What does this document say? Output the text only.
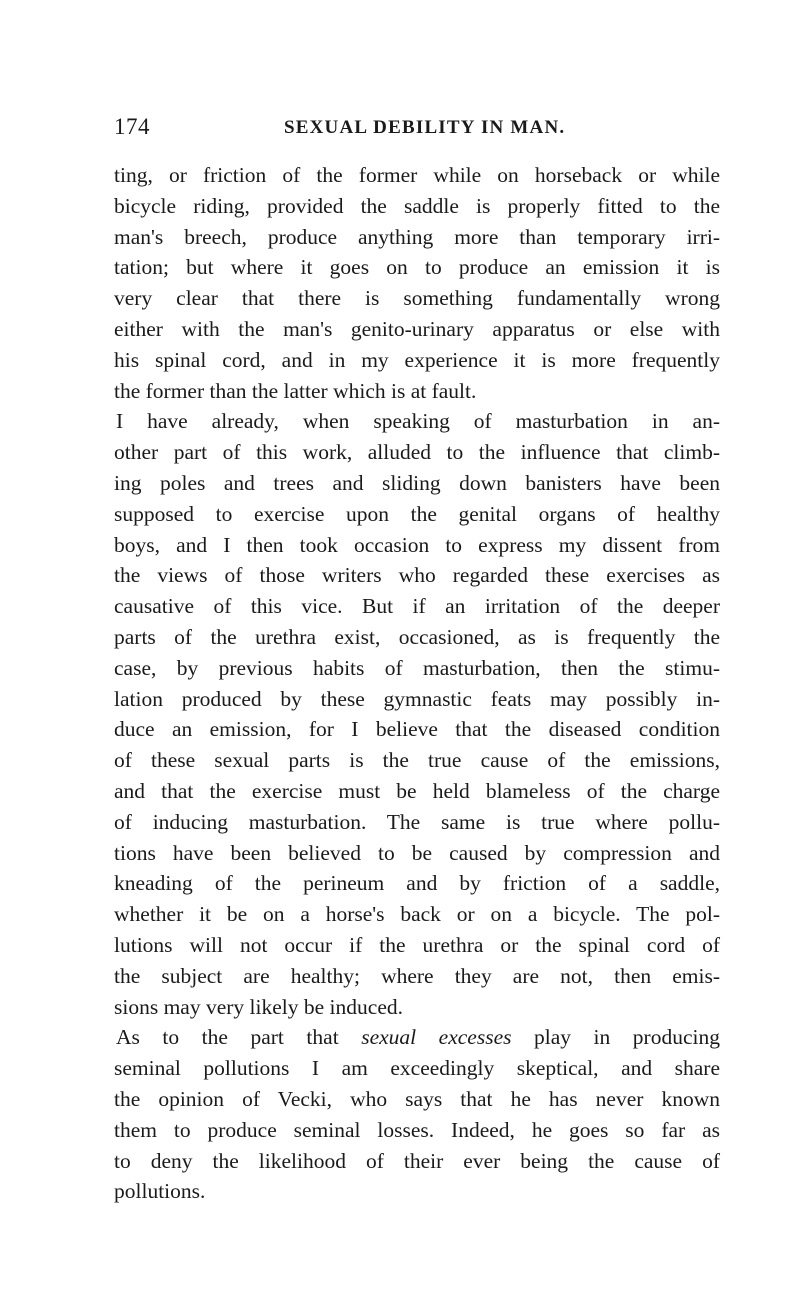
174	SEXUAL DEBILITY IN MAN.

ting, or friction of the former while on horseback or while
bicycle riding, provided the saddle is properly fitted to the
man's breech, produce anything more than temporary irri-
tation; but where it goes on to produce an emission it is
very clear that there is something fundamentally wrong
either with the man's genito-urinary apparatus or else with
his spinal cord, and in my experience it is more frequently
the former than the latter which is at fault.

I have already, when speaking of masturbation in an-
other part of this work, alluded to the influence that climb-
ing poles and trees and sliding down banisters have been
supposed to exercise upon the genital organs of healthy
boys, and I then took occasion to express my dissent from
the views of those writers who regarded these exercises as
causative of this vice. But if an irritation of the deeper
parts of the urethra exist, occasioned, as is frequently the
case, by previous habits of masturbation, then the stimu-
lation produced by these gymnastic feats may possibly in-
duce an emission, for I believe that the diseased condition
of these sexual parts is the true cause of the emissions,
and that the exercise must be held blameless of the charge
of inducing masturbation. The same is true where pollu-
tions have been believed to be caused by compression and
kneading of the perineum and by friction of a saddle,
whether it be on a horse's back or on a bicycle. The pol-
lutions will not occur if the urethra or the spinal cord of
the subject are healthy; where they are not, then emis-
sions may very likely be induced.

As to the part that sexual excesses play in producing
seminal pollutions I am exceedingly skeptical, and share
the opinion of Vecki, who says that he has never known
them to produce seminal losses. Indeed, he goes so far as
to deny the likelihood of their ever being the cause of
pollutions.
